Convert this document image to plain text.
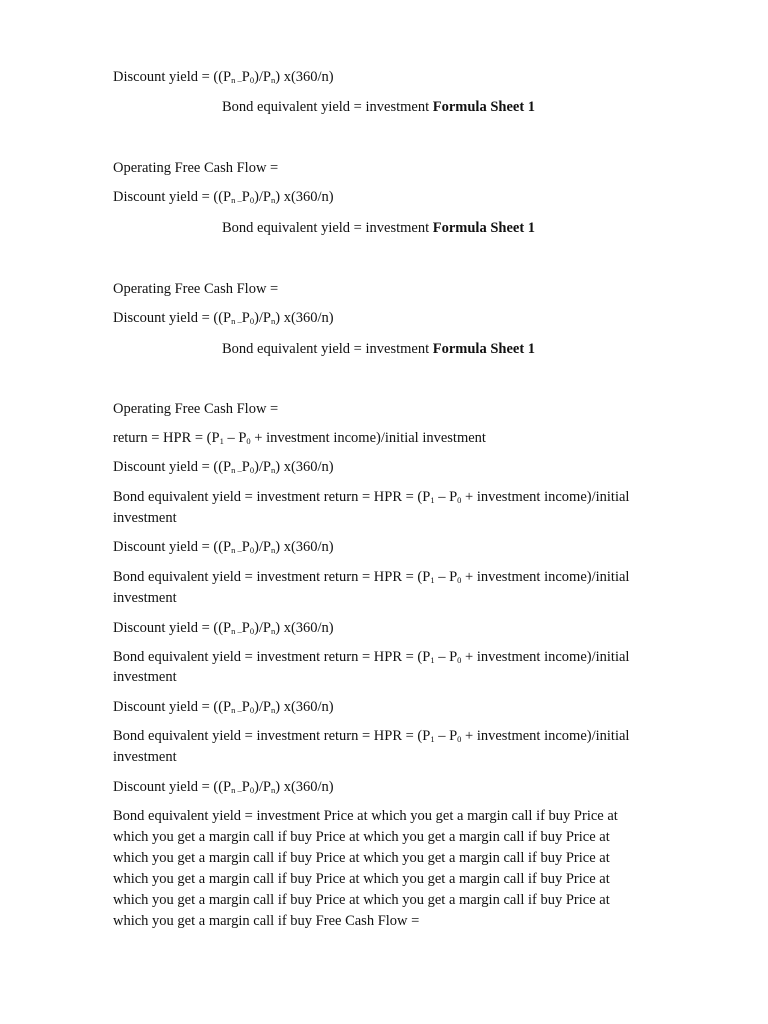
Discount yield = (($P_n$ $_-P_0)/P_n$) x(360/n)
Bond equivalent yield = investment Formula Sheet 1
Operating Free Cash Flow =
Discount yield = (($P_n$ $_-P_0)/P_n$) x(360/n)
Bond equivalent yield = investment Formula Sheet 1
Operating Free Cash Flow =
Discount yield = (($P_n$ $_-P_0)/P_n$) x(360/n)
Bond equivalent yield = investment Formula Sheet 1
Operating Free Cash Flow =
return = HPR = ($P_1 - P_0$ + investment income)/initial investment
Discount yield = (($P_n$ $_-P_0)/P_n$) x(360/n)
Bond equivalent yield = investment return = HPR = ($P_1 - P_0$ + investment income)/initial
investment
Discount yield = (($P_n$ $_-P_0)/P_n$) x(360/n)
Bond equivalent yield = investment return = HPR = ($P_1 - P_0$ + investment income)/initial
investment
Discount yield = (($P_n$ $_-P_0)/P_n$) x(360/n)
Bond equivalent yield = investment return = HPR = ($P_1 - P_0$ + investment income)/initial
investment
Discount yield = (($P_n$ $_-P_0)/P_n$) x(360/n)
Bond equivalent yield = investment return = HPR = ($P_1 - P_0$ + investment income)/initial
investment
Discount yield = (($P_n$ $_-P_0)/P_n$) x(360/n)
Bond equivalent yield = investment Price at which you get a margin call if buy Price at which you get a margin call if buy Price at which you get a margin call if buy Price at which you get a margin call if buy Price at which you get a margin call if buy Price at which you get a margin call if buy Price at which you get a margin call if buy Price at which you get a margin call if buy Price at which you get a margin call if buy Price at which you get a margin call if buy Free Cash Flow =
